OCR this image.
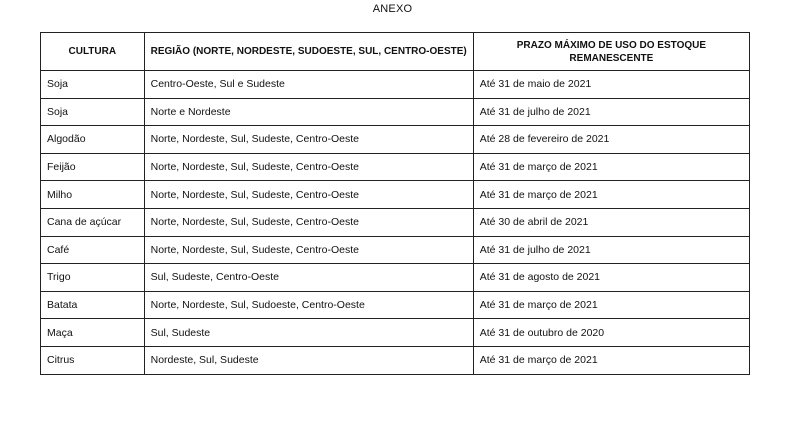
ANEXO
CULTURA	REGIÃO (NORTE, NORDESTE, SUDOESTE, SUL, CENTRO-OESTE)	PRAZO MÁXIMO DE USO DO ESTOQUE
REMANESCENTE

Soja	Centro-Oeste, Sul e Sudeste	Até 31 de maio de 2021
Soja	Norte e Nordeste	Até 31 de julho de 2021
Algodão	Norte, Nordeste, Sul, Sudeste, Centro-Oeste	Até 28 de fevereiro de 2021
Feijão	Norte, Nordeste, Sul, Sudeste, Centro-Oeste	Até 31 de março de 2021
Milho	Norte, Nordeste, Sul, Sudeste, Centro-Oeste	Até 31 de março de 2021
Cana de açúcar	Norte, Nordeste, Sul, Sudeste, Centro-Oeste	Até 30 de abril de 2021
Café	Norte, Nordeste, Sul, Sudeste, Centro-Oeste	Até 31 de julho de 2021
Trigo	Sul, Sudeste, Centro-Oeste	Até 31 de agosto de 2021
Batata	Norte, Nordeste, Sul, Sudoeste, Centro-Oeste	Até 31 de março de 2021
Maça	Sul, Sudeste	Até 31 de outubro de 2020
Citrus	Nordeste, Sul, Sudeste	Até 31 de março de 2021
